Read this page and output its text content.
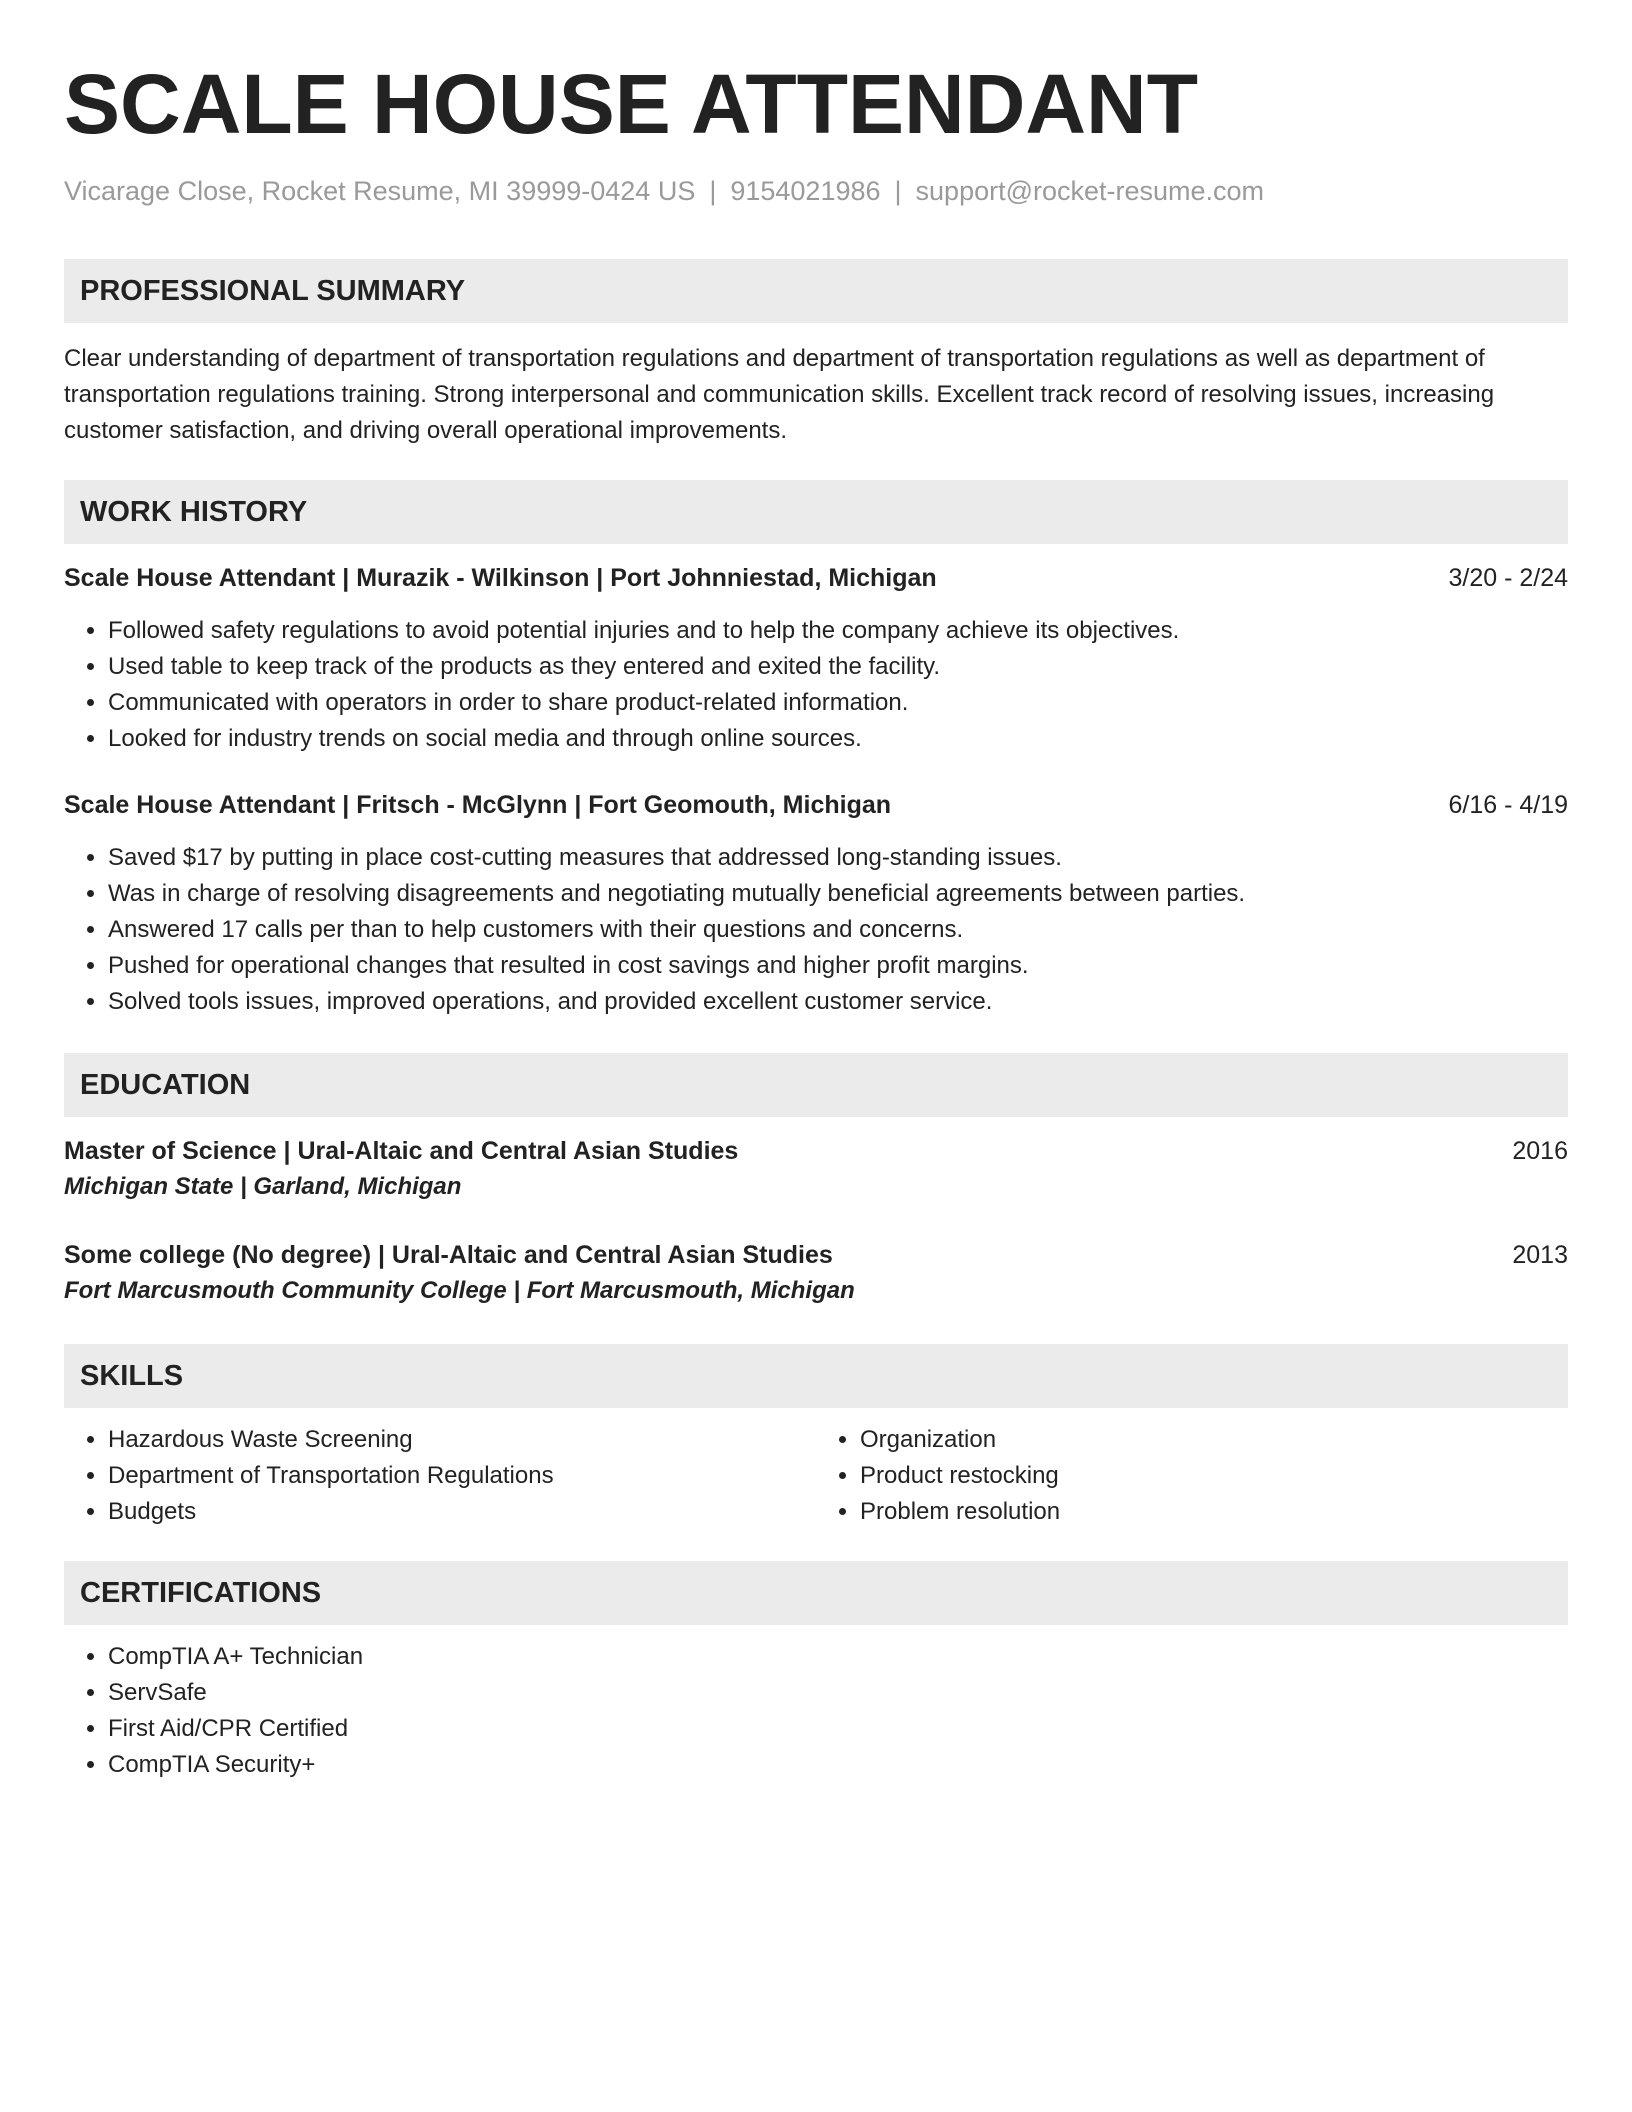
SCALE HOUSE ATTENDANT
Vicarage Close, Rocket Resume, MI 39999-0424 US | 9154021986 | support@rocket-resume.com
PROFESSIONAL SUMMARY
Clear understanding of department of transportation regulations and department of transportation regulations as well as department of transportation regulations training. Strong interpersonal and communication skills. Excellent track record of resolving issues, increasing customer satisfaction, and driving overall operational improvements.
WORK HISTORY
Scale House Attendant | Murazik - Wilkinson | Port Johnniestad, Michigan	3/20 - 2/24
• Followed safety regulations to avoid potential injuries and to help the company achieve its objectives.
• Used table to keep track of the products as they entered and exited the facility.
• Communicated with operators in order to share product-related information.
• Looked for industry trends on social media and through online sources.
Scale House Attendant | Fritsch - McGlynn | Fort Geomouth, Michigan	6/16 - 4/19
• Saved $17 by putting in place cost-cutting measures that addressed long-standing issues.
• Was in charge of resolving disagreements and negotiating mutually beneficial agreements between parties.
• Answered 17 calls per than to help customers with their questions and concerns.
• Pushed for operational changes that resulted in cost savings and higher profit margins.
• Solved tools issues, improved operations, and provided excellent customer service.
EDUCATION
Master of Science | Ural-Altaic and Central Asian Studies	2016
Michigan State | Garland, Michigan
Some college (No degree) | Ural-Altaic and Central Asian Studies	2013
Fort Marcusmouth Community College | Fort Marcusmouth, Michigan
SKILLS
• Hazardous Waste Screening
• Department of Transportation Regulations
• Budgets
• Organization
• Product restocking
• Problem resolution
CERTIFICATIONS
• CompTIA A+ Technician
• ServSafe
• First Aid/CPR Certified
• CompTIA Security+
